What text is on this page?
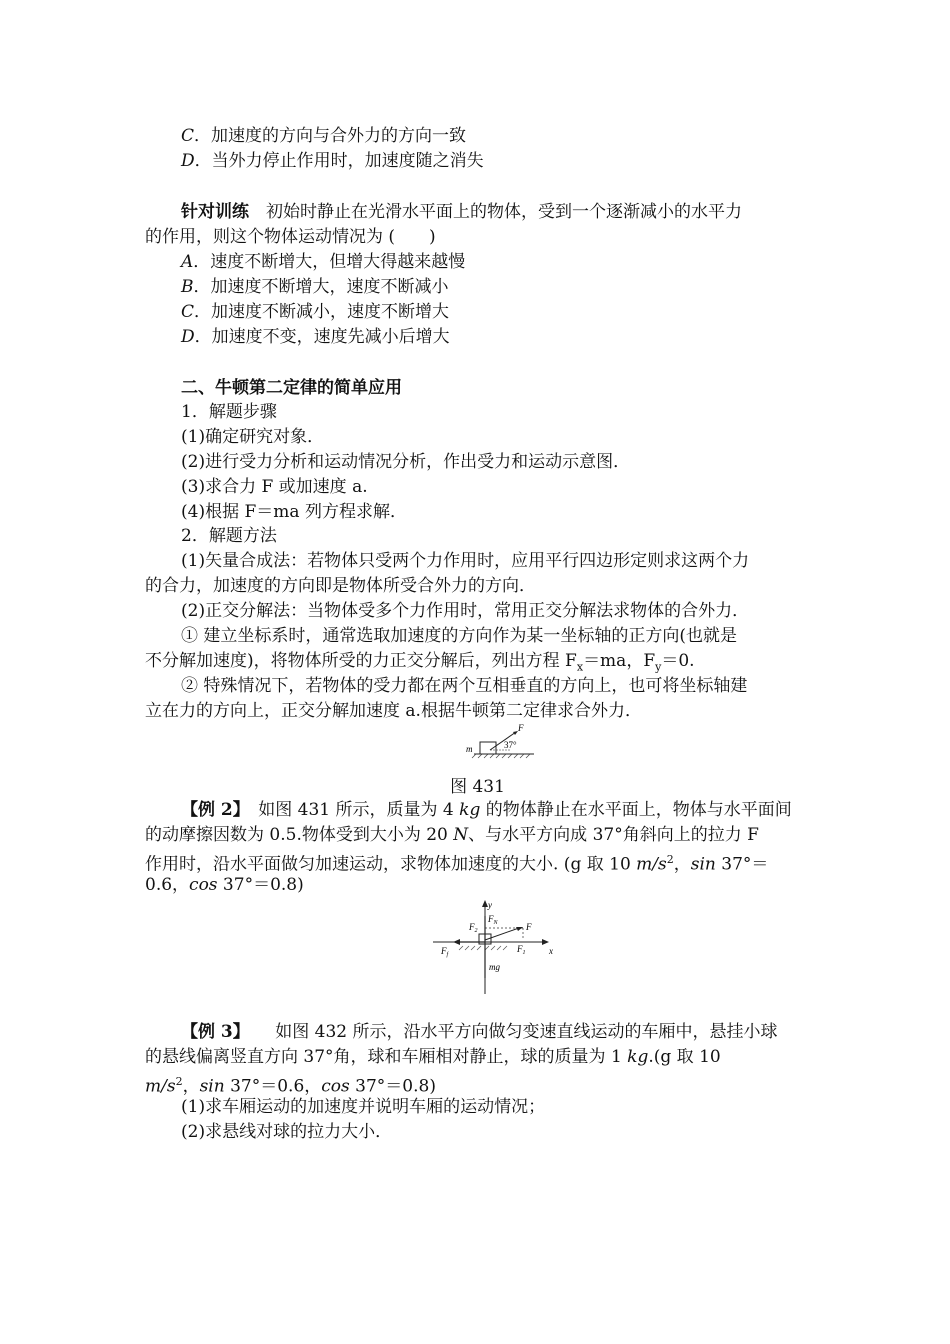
C．加速度的方向与合外力的方向一致
D．当外力停止作用时，加速度随之消失
针对训练　 初始时静止在光滑水平面上的物体，受到一个逐渐减小的水平力
的作用，则这个物体运动情况为 (　　)
A．速度不断增大，但增大得越来越慢
B．加速度不断增大，速度不断减小
C．加速度不断减小，速度不断增大
D．加速度不变，速度先减小后增大
二、牛顿第二定律的简单应用
1．解题步骤
(1)确定研究对象．
(2)进行受力分析和运动情况分析，作出受力和运动示意图．
(3)求合力 F 或加速度 a.
(4)根据 F＝ma 列方程求解．
2．解题方法
(1)矢量合成法：若物体只受两个力作用时，应用平行四边形定则求这两个力
的合力，加速度的方向即是物体所受合外力的方向．
(2)正交分解法：当物体受多个力作用时，常用正交分解法求物体的合外力．
① 建立坐标系时，通常选取加速度的方向作为某一坐标轴的正方向(也就是
不分解加速度)，将物体所受的力正交分解后，列出方程 $F_x=ma$，$F_y=0$.
② 特殊情况下，若物体的受力都在两个互相垂直的方向上，也可将坐标轴建
立在力的方向上，正交分解加速度 a.根据牛顿第二定律求合外力．
m
F
37°
图 431
【例 2】　 如图 431 所示，质量为 4 kg 的物体静止在水平面上，物体与水平面间
的动摩擦因数为 0.5.物体受到大小为 20 N、与水平方向成 37°角斜向上的拉力 F
作用时，沿水平面做匀加速运动，求物体加速度的大小. (g 取 10 $m/s^2$，sin 37°＝
0.6，cos 37°＝0.8)
y
x
$F_N$
$F_2$	F
$F_1$
$F_f$
mg
【例 3】　　 如图 432 所示，沿水平方向做匀变速直线运动的车厢中，悬挂小球
的悬线偏离竖直方向 37°角，球和车厢相对静止，球的质量为 1 kg.(g 取 10
$m/s^2$，sin 37°＝0.6，cos 37°＝0.8)
(1)求车厢运动的加速度并说明车厢的运动情况；
(2)求悬线对球的拉力大小．
